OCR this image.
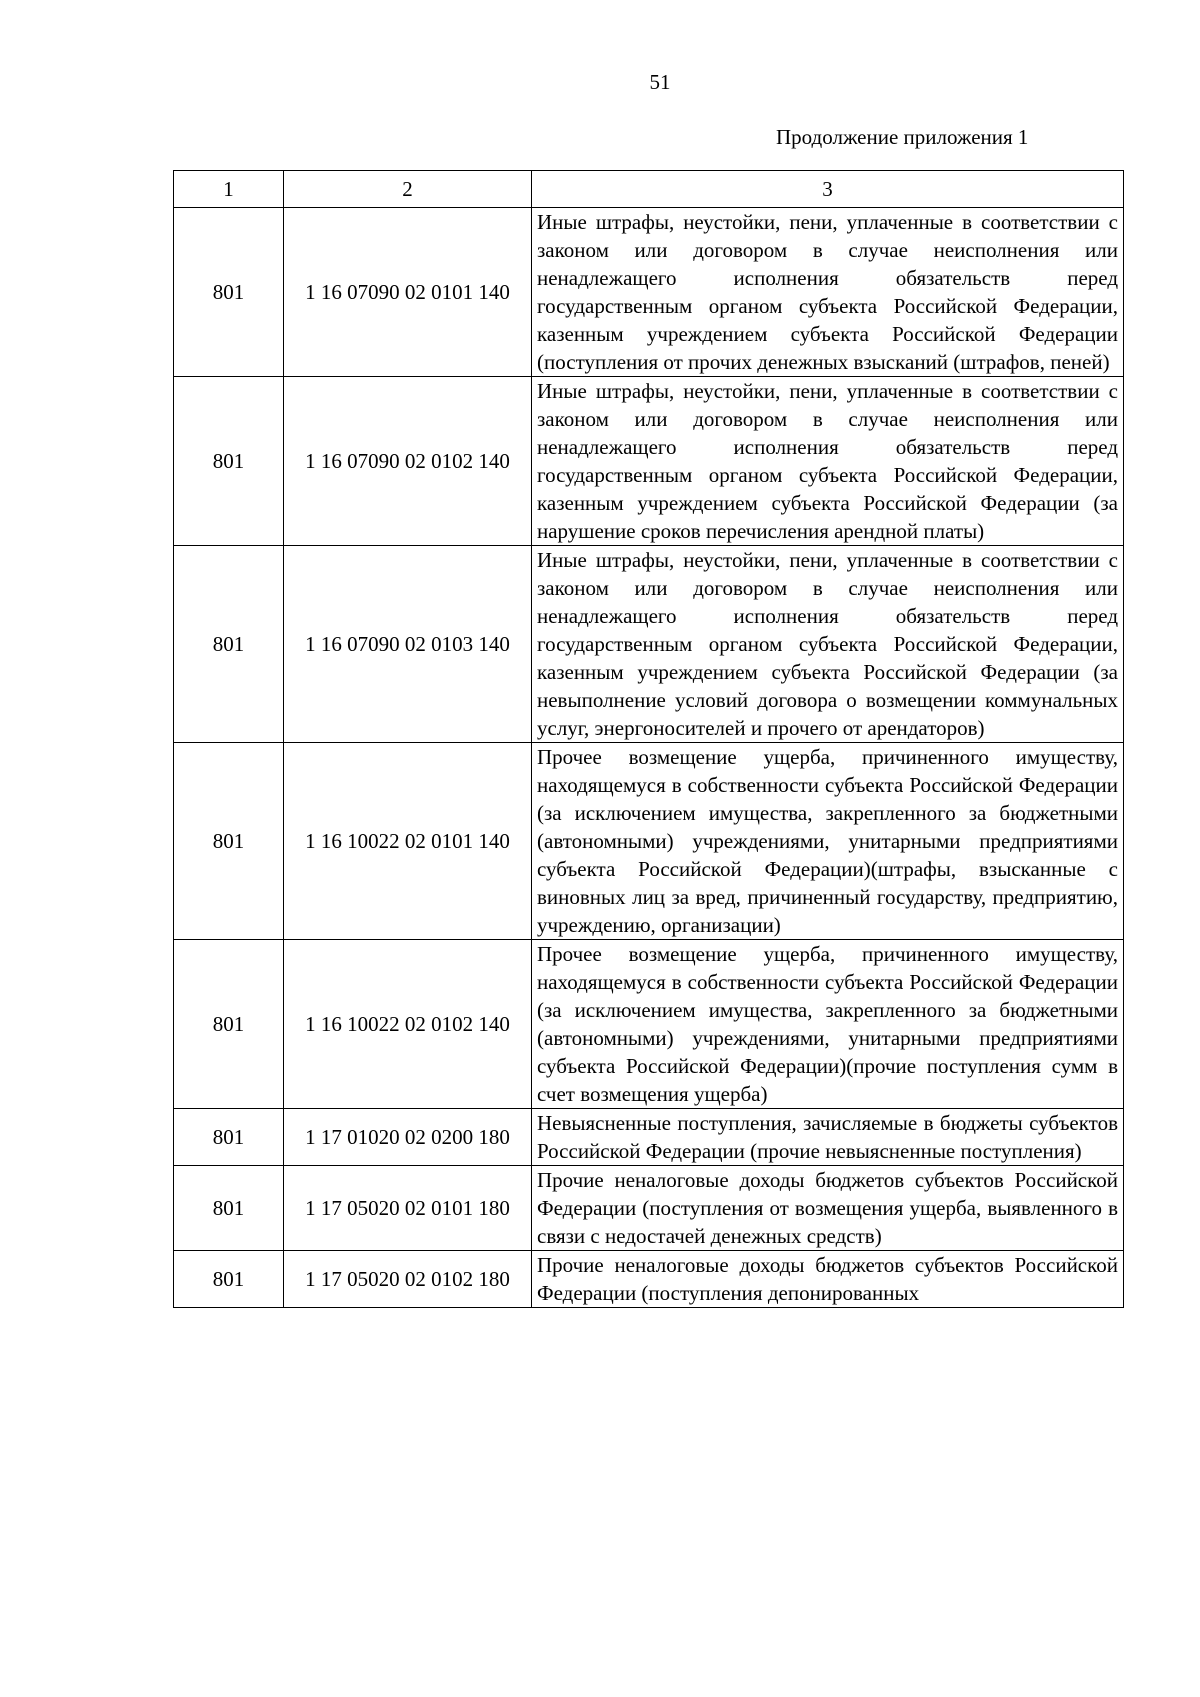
51
Продолжение приложения 1
1	2	3
801	1 16 07090 02 0101 140	Иные штрафы, неустойки, пени, уплаченные в соответствии с законом или договором в случае неисполнения или ненадлежащего исполнения обязательств перед государственным органом субъекта Российской Федерации, казенным учреждением субъекта Российской Федерации (поступления от прочих денежных взысканий (штрафов, пеней)
801	1 16 07090 02 0102 140	Иные штрафы, неустойки, пени, уплаченные в соответствии с законом или договором в случае неисполнения или ненадлежащего исполнения обязательств перед государственным органом субъекта Российской Федерации, казенным учреждением субъекта Российской Федерации (за нарушение сроков перечисления арендной платы)
801	1 16 07090 02 0103 140	Иные штрафы, неустойки, пени, уплаченные в соответствии с законом или договором в случае неисполнения или ненадлежащего исполнения обязательств перед государственным органом субъекта Российской Федерации, казенным учреждением субъекта Российской Федерации (за невыполнение условий договора о возмещении коммунальных услуг, энергоносителей и прочего от арендаторов)
801	1 16 10022 02 0101 140	Прочее возмещение ущерба, причиненного имуществу, находящемуся в собственности субъекта Российской Федерации (за исключением имущества, закрепленного за бюджетными (автономными) учреждениями, унитарными предприятиями субъекта Российской Федерации)(штрафы, взысканные с виновных лиц за вред, причиненный государству, предприятию, учреждению, организации)
801	1 16 10022 02 0102 140	Прочее возмещение ущерба, причиненного имуществу, находящемуся в собственности субъекта Российской Федерации (за исключением имущества, закрепленного за бюджетными (автономными) учреждениями, унитарными предприятиями субъекта Российской Федерации)(прочие поступления сумм в счет возмещения ущерба)
801	1 17 01020 02 0200 180	Невыясненные поступления, зачисляемые в бюджеты субъектов Российской Федерации (прочие невыясненные поступления)
801	1 17 05020 02 0101 180	Прочие неналоговые доходы бюджетов субъектов Российской Федерации (поступления от возмещения ущерба, выявленного в связи с недостачей денежных средств)
801	1 17 05020 02 0102 180	Прочие неналоговые доходы бюджетов субъектов Российской Федерации (поступления депонированных
